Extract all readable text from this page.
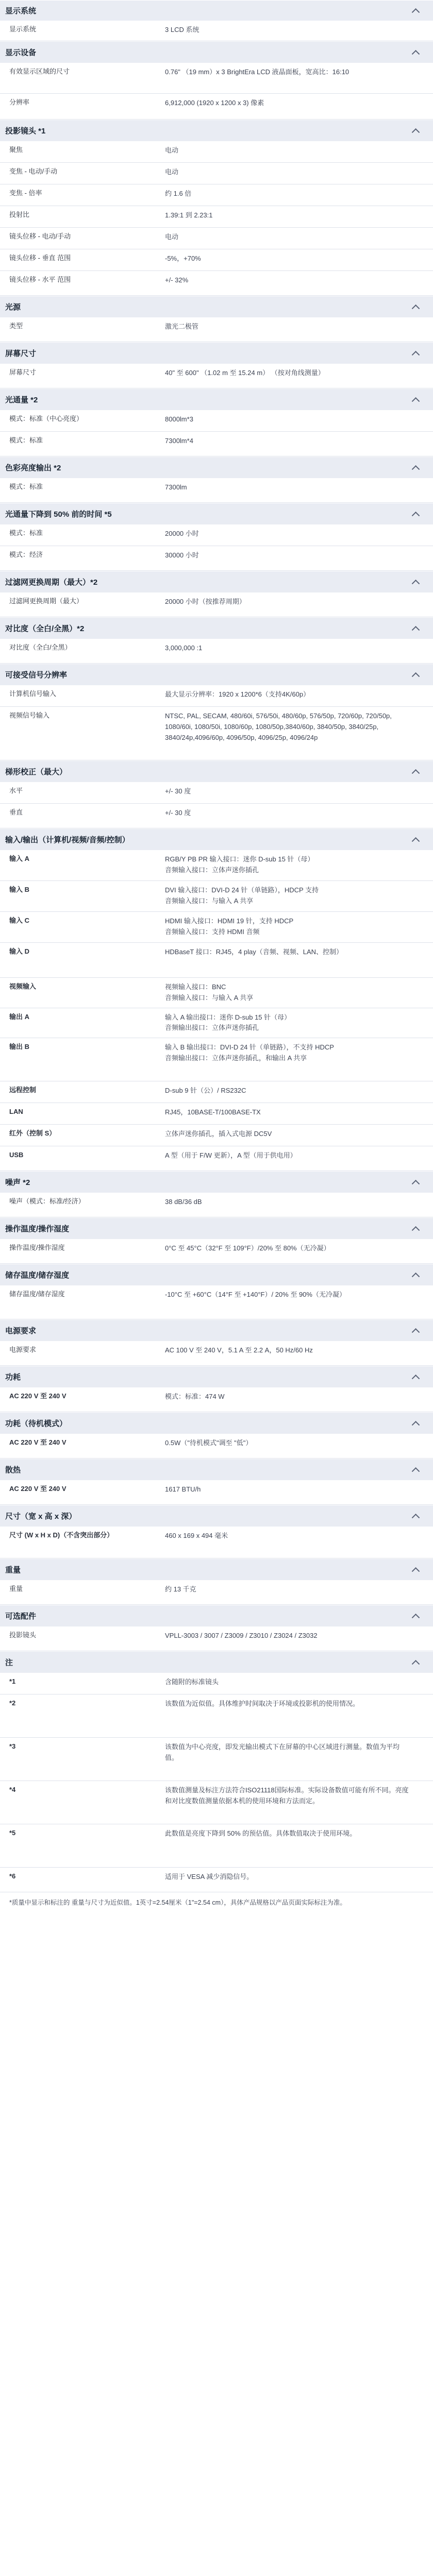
显示系统
显示系统	3 LCD 系统
显示设备
有效显示区域的尺寸	0.76" （19 mm）x 3 BrightEra LCD 液晶面板，宽高比：16:10
分辨率	6,912,000 (1920 x 1200 x 3) 像素
投影镜头 *1
聚焦	电动
变焦 - 电动/手动	电动
变焦 - 倍率	约 1.6 倍
投射比	1.39:1 到 2.23:1
镜头位移 - 电动/手动	电动
镜头位移 - 垂直 范围	-5%，+70%
镜头位移 - 水平 范围	+/- 32%
光源
类型	激光二极管
屏幕尺寸
屏幕尺寸	40" 至 600" （1.02 m 至 15.24 m） （按对角线测量）
光通量 *2
模式：标准（中心亮度）	8000lm*3
模式：标准	7300lm*4
色彩亮度输出 *2
模式：标准	7300lm
光通量下降到 50% 前的时间 *5
模式：标准	20000 小时
模式：经济	30000 小时
过滤网更换周期（最大）*2
过滤网更换周期（最大）	20000 小时（按推荐周期）
对比度（全白/全黑）*2
对比度（全白/全黑）	3,000,000 :1
可接受信号分辨率
计算机信号输入	最大显示分辨率：1920 x 1200*6（支持4K/60p）
视频信号输入	NTSC, PAL, SECAM, 480/60i, 576/50i, 480/60p, 576/50p, 720/60p, 720/50p, 1080/60i, 1080/50i, 1080/60p, 1080/50p,3840/60p, 3840/50p, 3840/25p, 3840/24p,4096/60p, 4096/50p, 4096/25p, 4096/24p
梯形校正（最大）
水平	+/- 30 度
垂直	+/- 30 度
输入/输出（计算机/视频/音频/控制）
输入 A	RGB/Y PB PR 输入接口：迷你 D-sub 15 针（母）
音频输入接口：立体声迷你插孔
输入 B	DVI 输入接口：DVI-D 24 针（单链路），HDCP 支持
音频输入接口：与输入 A 共享
输入 C	HDMI 输入接口：HDMI 19 针，支持 HDCP
音频输入接口：支持 HDMI 音频
输入 D	HDBaseT 接口：RJ45，4 play（音频、视频、LAN、控制）
视频输入	视频输入接口：BNC
音频输入接口：与输入 A 共享
输出 A	输入 A 输出接口：迷你 D-sub 15 针（母）
音频输出接口：立体声迷你插孔
输出 B	输入 B 输出接口：DVI-D 24 针（单链路），不支持 HDCP
音频输出接口：立体声迷你插孔，和输出 A 共享
远程控制	D-sub 9 针（公）/ RS232C
LAN	RJ45，10BASE-T/100BASE-TX
红外（控制 S）	立体声迷你插孔，插入式电源 DC5V
USB	A 型（用于 F/W 更新），A 型（用于供电用）
噪声 *2
噪声（模式：标准/经济）	38 dB/36 dB
操作温度/操作湿度
操作温度/操作湿度	0°C 至 45°C（32°F 至 109°F）/20% 至 80%（无冷凝）
储存温度/储存湿度
储存温度/储存湿度	-10°C 至 +60°C（14°F 至 +140°F）/ 20% 至 90%（无冷凝）
电源要求
电源要求	AC 100 V 至 240 V，5.1 A 至 2.2 A，50 Hz/60 Hz
功耗
AC 220 V 至 240 V	模式：标准：474 W
功耗（待机模式）
AC 220 V 至 240 V	0.5W（"待机模式"调至 "低"）
散热
AC 220 V 至 240 V	1617 BTU/h
尺寸（宽 x 高 x 深）
尺寸 (W x H x D)（不含突出部分）	460 x 169 x 494 毫米
重量
重量	约 13 千克
可选配件
投影镜头	VPLL-3003 / 3007 / Z3009 / Z3010 / Z3024 / Z3032
注
*1	含随附的标准镜头
*2	该数值为近似值。具体维护时间取决于环境或投影机的使用情况。
*3	该数值为中心亮度，即发光输出模式下在屏幕的中心区域进行测量。数值为平均值。
*4	该数值测量及标注方法符合ISO21118国际标准。实际设备数值可能有所不同。亮度和对比度数值测量依据本机的使用环境和方法而定。
*5	此数值是亮度下降到 50% 的预估值。具体数值取决于使用环境。
*6	适用于 VESA 减少消隐信号。
*质量中显示和标注的 重量与尺寸为近似值。1英寸=2.54厘米（1"=2.54 cm），具体产品规格以产品页面实际标注为准。
